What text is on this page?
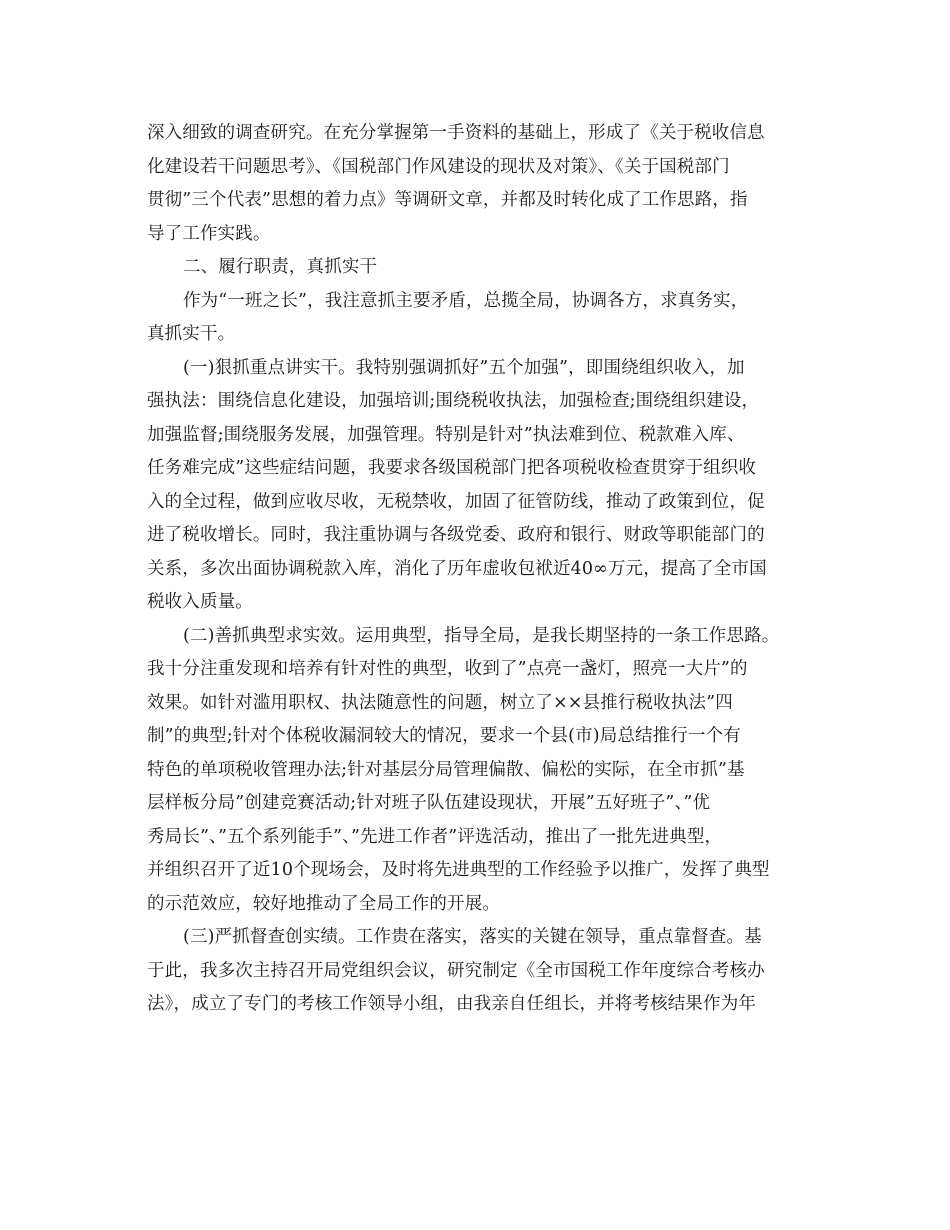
深入细致的调查研究。在充分掌握第一手资料的基础上，形成了《关于税收信息
化建设若干问题思考》、《国税部门作风建设的现状及对策》、《关于国税部门
贯彻”三个代表”思想的着力点》等调研文章，并都及时转化成了工作思路，指
导了工作实践。
二、履行职责，真抓实干
作为“一班之长”，我注意抓主要矛盾，总揽全局，协调各方，求真务实，
真抓实干。
(一)狠抓重点讲实干。我特别强调抓好”五个加强”，即围绕组织收入，加
强执法：围绕信息化建设，加强培训;围绕税收执法，加强检查;围绕组织建设，
加强监督;围绕服务发展，加强管理。特别是针对”执法难到位、税款难入库、
任务难完成”这些症结问题，我要求各级国税部门把各项税收检查贯穿于组织收
入的全过程，做到应收尽收，无税禁收，加固了征管防线，推动了政策到位，促
进了税收增长。同时，我注重协调与各级党委、政府和银行、财政等职能部门的
关系，多次出面协调税款入库，消化了历年虚收包袱近40∞万元，提高了全市国
税收入质量。
(二)善抓典型求实效。运用典型，指导全局，是我长期坚持的一条工作思路。
我十分注重发现和培养有针对性的典型，收到了”点亮一盏灯，照亮一大片”的
效果。如针对滥用职权、执法随意性的问题，树立了××县推行税收执法”四
制”的典型;针对个体税收漏洞较大的情况，要求一个县(市)局总结推行一个有
特色的单项税收管理办法;针对基层分局管理偏散、偏松的实际，在全市抓”基
层样板分局”创建竞赛活动;针对班子队伍建设现状，开展”五好班子”、”优
秀局长”、”五个系列能手”、”先进工作者”评选活动，推出了一批先进典型，
并组织召开了近10个现场会，及时将先进典型的工作经验予以推广，发挥了典型
的示范效应，较好地推动了全局工作的开展。
(三)严抓督查创实绩。工作贵在落实，落实的关键在领导，重点靠督查。基
于此，我多次主持召开局党组织会议，研究制定《全市国税工作年度综合考核办
法》，成立了专门的考核工作领导小组，由我亲自任组长，并将考核结果作为年
